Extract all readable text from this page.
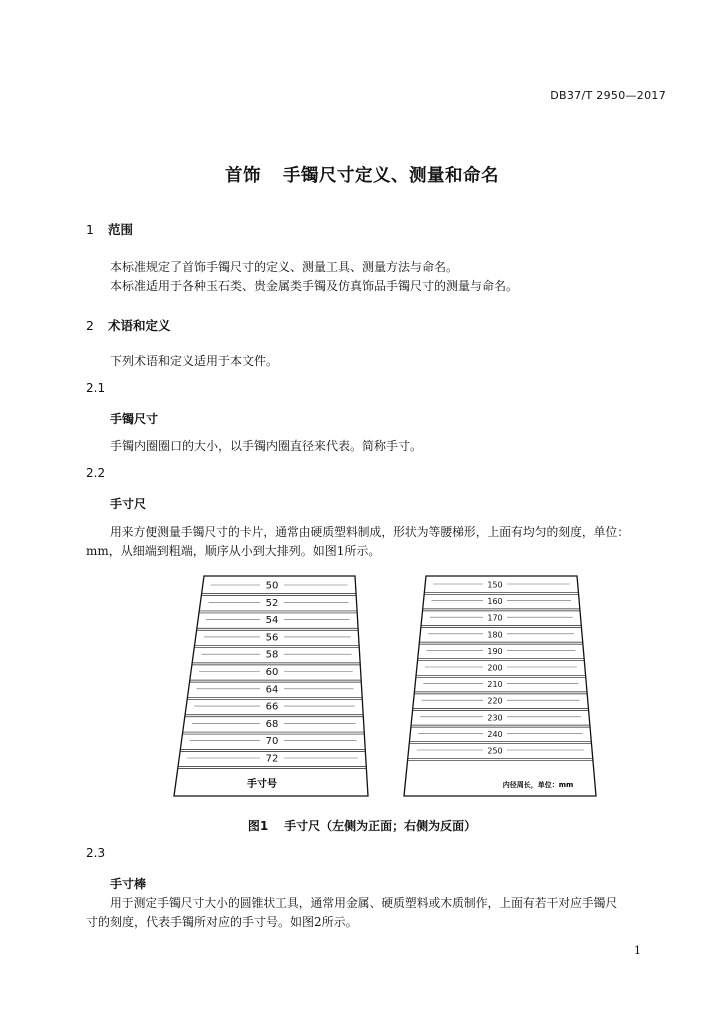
DB37/T 2950—2017
首饰 手镯尺寸定义、测量和命名
1 范围
本标准规定了首饰手镯尺寸的定义、测量工具、测量方法与命名。
本标准适用于各种玉石类、贵金属类手镯及仿真饰品手镯尺寸的测量与命名。
2 术语和定义
下列术语和定义适用于本文件。
2.1
手镯尺寸
手镯内圈圈口的大小，以手镯内圈直径来代表。简称手寸。
2.2
手寸尺
用来方便测量手镯尺寸的卡片，通常由硬质塑料制成，形状为等腰梯形，上面有均匀的刻度，单位：
mm，从细端到粗端，顺序从小到大排列。如图1所示。
50
52
54
56
58
60
64
66
68
70
72
手寸号
150
160
170
180
190
200
210
220
230
240
250
内径周长，单位：mm
图1 手寸尺（左侧为正面；右侧为反面）
2.3
手寸棒
用于测定手镯尺寸大小的圆锥状工具，通常用金属、硬质塑料或木质制作，上面有若干对应手镯尺
寸的刻度，代表手镯所对应的手寸号。如图2所示。
1
